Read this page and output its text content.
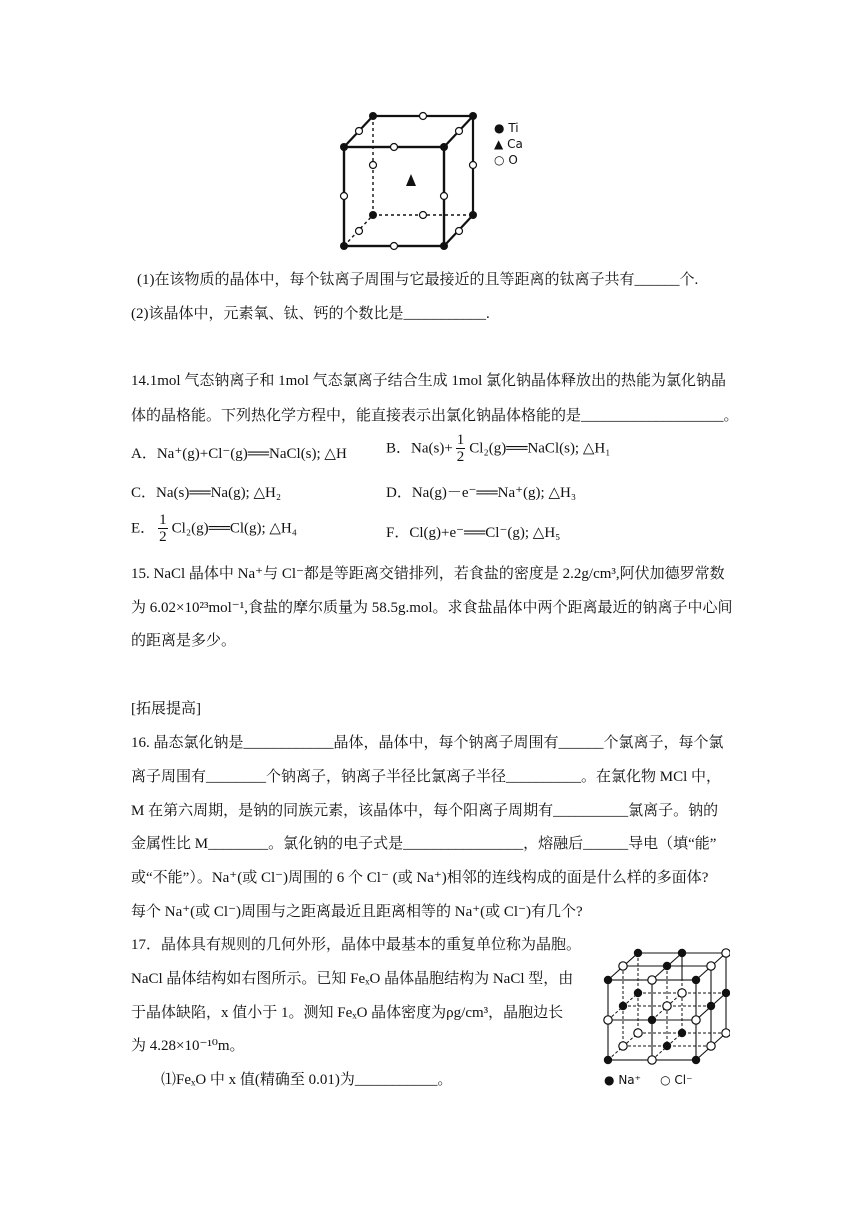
● Ti
▲ Ca
○ O
(1)在该物质的晶体中，每个钛离子周围与它最接近的且等距离的钛离子共有______个.
(2)该晶体中，元素氧、钛、钙的个数比是___________.
14.1mol 气态钠离子和 1mol 气态氯离子结合生成 1mol 氯化钠晶体释放出的热能为氯化钠晶
体的晶格能。下列热化学方程中，能直接表示出氯化钠晶体格能的是___________________。
A．Na⁺(g)+Cl⁻(g)══NaCl(s); △H	B．$Na(s)+ \frac{1}{2}$ Cl₂(g)══NaCl(s); △H₁
C．Na(s)══Na(g); △H₂	D．Na(g)－e⁻══Na⁺(g); △H₃
E． $\frac{1}{2}$ Cl₂(g)══Cl(g); △H₄	F．Cl(g)+e⁻══Cl⁻(g); △H₅
15. NaCl 晶体中 Na⁺与 Cl⁻都是等距离交错排列，若食盐的密度是 2.2g/cm³,阿伏加德罗常数
为 6.02×10²³mol⁻¹,食盐的摩尔质量为 58.5g.mol。求食盐晶体中两个距离最近的钠离子中心间
的距离是多少。
[拓展提高]
16. 晶态氯化钠是____________晶体，晶体中，每个钠离子周围有______个氯离子，每个氯
离子周围有________个钠离子，钠离子半径比氯离子半径__________。在氯化物 MCl 中，
M 在第六周期，是钠的同族元素，该晶体中，每个阳离子周期有__________氯离子。钠的
金属性比 M________。氯化钠的电子式是________________，熔融后______导电（填“能”
或“不能”）。Na⁺(或 Cl⁻)周围的 6 个 Cl⁻ (或 Na⁺)相邻的连线构成的面是什么样的多面体?
每个 Na⁺(或 Cl⁻)周围与之距离最近且距离相等的 Na⁺(或 Cl⁻)有几个?
17．晶体具有规则的几何外形，晶体中最基本的重复单位称为晶胞。
NaCl 晶体结构如右图所示。已知 FeₓO 晶体晶胞结构为 NaCl 型，由
于晶体缺陷，x 值小于 1。测知 FeₓO 晶体密度为ρg/cm³，晶胞边长
为 4.28×10⁻¹⁰m。
⑴FeₓO 中 x 值(精确至 0.01)为___________。	● Na⁺ ○ Cl⁻
